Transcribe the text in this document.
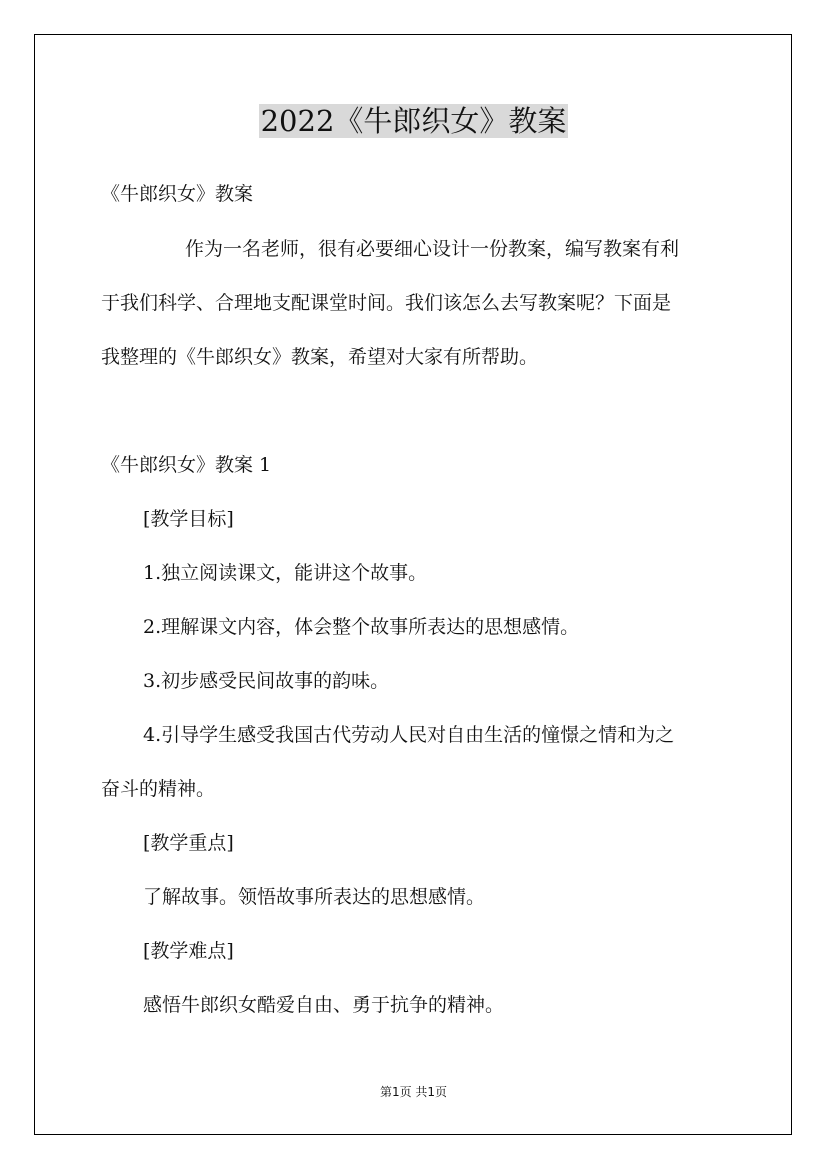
2022《牛郎织女》教案
《牛郎织女》教案
作为一名老师，很有必要细心设计一份教案，编写教案有利
于我们科学、合理地支配课堂时间。我们该怎么去写教案呢？下面是
我整理的《牛郎织女》教案，希望对大家有所帮助。
《牛郎织女》教案 1
[教学目标]
1.独立阅读课文，能讲这个故事。
2.理解课文内容，体会整个故事所表达的思想感情。
3.初步感受民间故事的韵味。
4.引导学生感受我国古代劳动人民对自由生活的憧憬之情和为之
奋斗的精神。
[教学重点]
了解故事。领悟故事所表达的思想感情。
[教学难点]
感悟牛郎织女酷爱自由、勇于抗争的精神。
第1页 共1页
